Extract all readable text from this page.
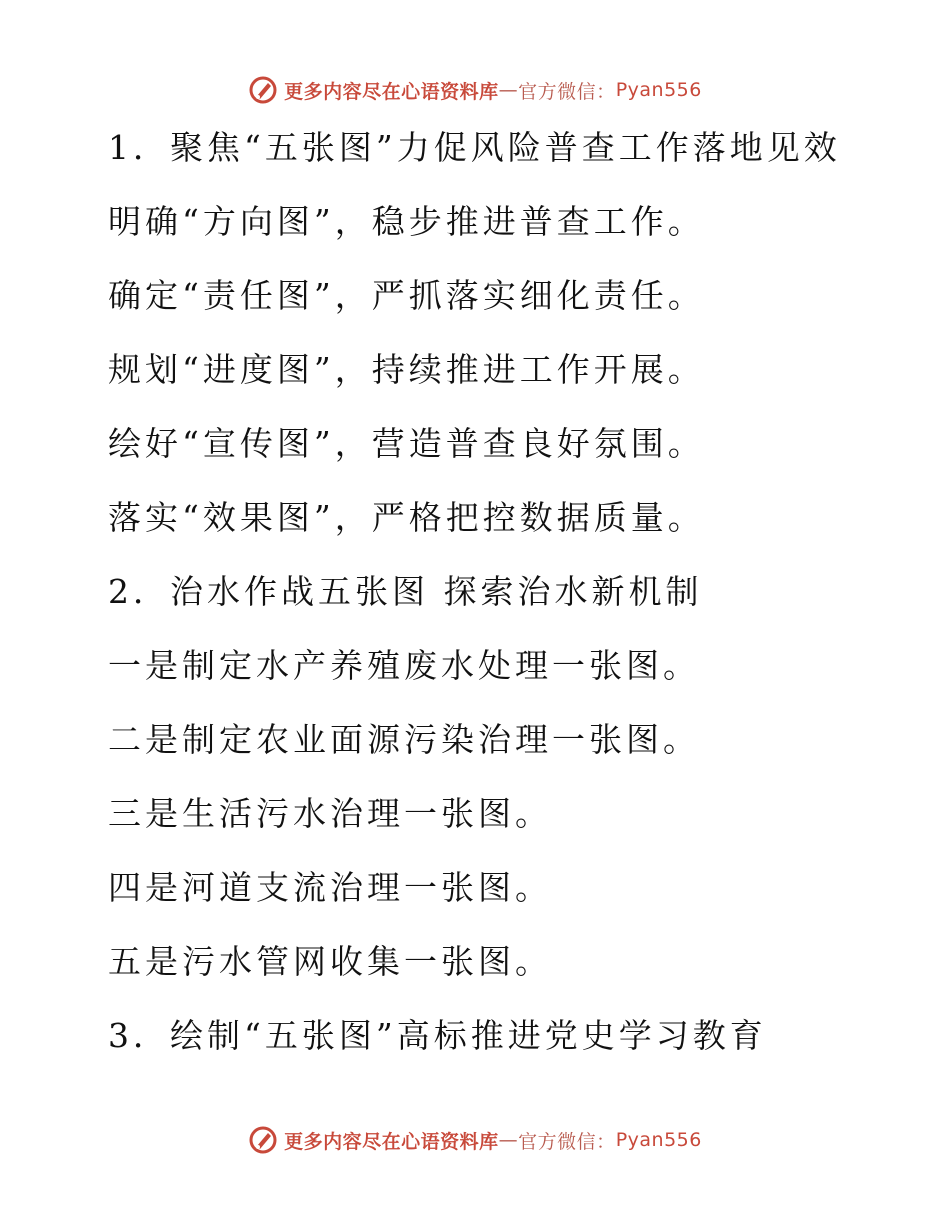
更多内容尽在心语资料库 — 官方微信： Pyan556
1．聚焦“五张图”力促风险普查工作落地见效
明确“方向图”，稳步推进普查工作。
确定“责任图”，严抓落实细化责任。
规划“进度图”，持续推进工作开展。
绘好“宣传图”，营造普查良好氛围。
落实“效果图”，严格把控数据质量。
2．治水作战五张图 探索治水新机制
一是制定水产养殖废水处理一张图。
二是制定农业面源污染治理一张图。
三是生活污水治理一张图。
四是河道支流治理一张图。
五是污水管网收集一张图。
3．绘制“五张图”高标推进党史学习教育
更多内容尽在心语资料库 — 官方微信： Pyan556
